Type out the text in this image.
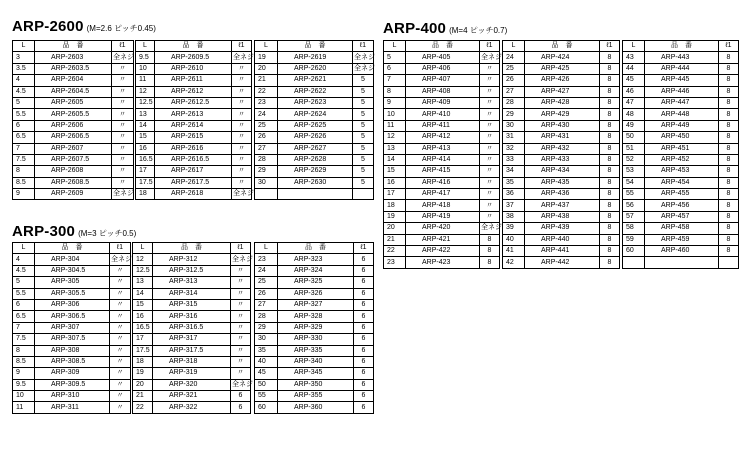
ARP-2600 (M=2.6 ピッチ0.45)
L	品　番	ℓ1
3	ARP-2603	全ネジ
3.5	ARP-2603.5	〃
4	ARP-2604	〃
4.5	ARP-2604.5	〃
5	ARP-2605	〃
5.5	ARP-2605.5	〃
6	ARP-2606	〃
6.5	ARP-2606.5	〃
7	ARP-2607	〃
7.5	ARP-2607.5	〃
8	ARP-2608	〃
8.5	ARP-2608.5	〃
9	ARP-2609	全ネジ
L	品　番	ℓ1
9.5	ARP-2609.5	全ネジ
10	ARP-2610	〃
11	ARP-2611	〃
12	ARP-2612	〃
12.5	ARP-2612.5	〃
13	ARP-2613	〃
14	ARP-2614	〃
15	ARP-2615	〃
16	ARP-2616	〃
16.5	ARP-2616.5	〃
17	ARP-2617	〃
17.5	ARP-2617.5	〃
18	ARP-2618	全ネジ
L	品　番	ℓ1
19	ARP-2619	全ネジ
20	ARP-2620	全ネジ
21	ARP-2621	5
22	ARP-2622	5
23	ARP-2623	5
24	ARP-2624	5
25	ARP-2625	5
26	ARP-2626	5
27	ARP-2627	5
28	ARP-2628	5
29	ARP-2629	5
30	ARP-2630	5

ARP-300 (M=3 ピッチ0.5)
L	品　番	ℓ1
4	ARP-304	全ネジ
4.5	ARP-304.5	〃
5	ARP-305	〃
5.5	ARP-305.5	〃
6	ARP-306	〃
6.5	ARP-306.5	〃
7	ARP-307	〃
7.5	ARP-307.5	〃
8	ARP-308	〃
8.5	ARP-308.5	〃
9	ARP-309	〃
9.5	ARP-309.5	〃
10	ARP-310	〃
11	ARP-311	〃
L	品　番	ℓ1
12	ARP-312	全ネジ
12.5	ARP-312.5	〃
13	ARP-313	〃
14	ARP-314	〃
15	ARP-315	〃
16	ARP-316	〃
16.5	ARP-316.5	〃
17	ARP-317	〃
17.5	ARP-317.5	〃
18	ARP-318	〃
19	ARP-319	〃
20	ARP-320	全ネジ
21	ARP-321	6
22	ARP-322	6
L	品　番	ℓ1
23	ARP-323	6
24	ARP-324	6
25	ARP-325	6
26	ARP-326	6
27	ARP-327	6
28	ARP-328	6
29	ARP-329	6
30	ARP-330	6
35	ARP-335	6
40	ARP-340	6
45	ARP-345	6
50	ARP-350	6
55	ARP-355	6
60	ARP-360	6
ARP-400 (M=4 ピッチ0.7)
L	品　番	ℓ1
5	ARP-405	全ネジ
6	ARP-406	〃
7	ARP-407	〃
8	ARP-408	〃
9	ARP-409	〃
10	ARP-410	〃
11	ARP-411	〃
12	ARP-412	〃
13	ARP-413	〃
14	ARP-414	〃
15	ARP-415	〃
16	ARP-416	〃
17	ARP-417	〃
18	ARP-418	〃
19	ARP-419	〃
20	ARP-420	全ネジ
21	ARP-421	8
22	ARP-422	8
23	ARP-423	8
L	品　番	ℓ1
24	ARP-424	8
25	ARP-425	8
26	ARP-426	8
27	ARP-427	8
28	ARP-428	8
29	ARP-429	8
30	ARP-430	8
31	ARP-431	8
32	ARP-432	8
33	ARP-433	8
34	ARP-434	8
35	ARP-435	8
36	ARP-436	8
37	ARP-437	8
38	ARP-438	8
39	ARP-439	8
40	ARP-440	8
41	ARP-441	8
42	ARP-442	8
L	品　番	ℓ1
43	ARP-443	8
44	ARP-444	8
45	ARP-445	8
46	ARP-446	8
47	ARP-447	8
48	ARP-448	8
49	ARP-449	8
50	ARP-450	8
51	ARP-451	8
52	ARP-452	8
53	ARP-453	8
54	ARP-454	8
55	ARP-455	8
56	ARP-456	8
57	ARP-457	8
58	ARP-458	8
59	ARP-459	8
60	ARP-460	8
